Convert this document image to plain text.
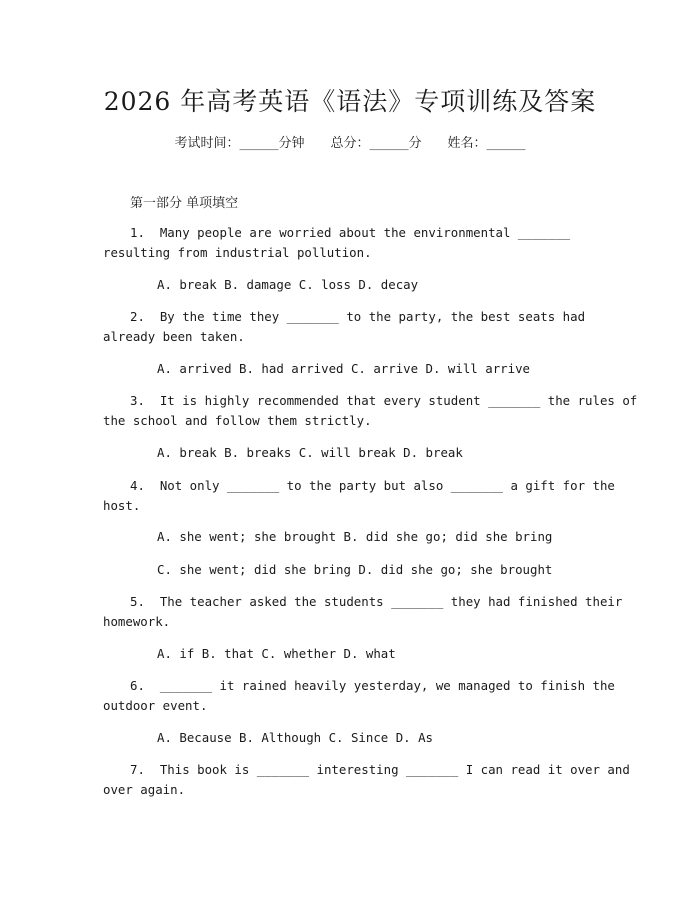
2026 年高考英语《语法》专项训练及答案
考试时间：______分钟 总分：______分 姓名：______
第一部分 单项填空
1.  Many people are worried about the environmental _______
resulting from industrial pollution.
A. break B. damage C. loss D. decay
2.  By the time they _______ to the party, the best seats had
already been taken.
A. arrived B. had arrived C. arrive D. will arrive
3.  It is highly recommended that every student _______ the rules of
the school and follow them strictly.
A. break B. breaks C. will break D. break
4.  Not only _______ to the party but also _______ a gift for the
host.
A. she went; she brought B. did she go; did she bring
C. she went; did she bring D. did she go; she brought
5.  The teacher asked the students _______ they had finished their
homework.
A. if B. that C. whether D. what
6.  _______ it rained heavily yesterday, we managed to finish the
outdoor event.
A. Because B. Although C. Since D. As
7.  This book is _______ interesting _______ I can read it over and
over again.
